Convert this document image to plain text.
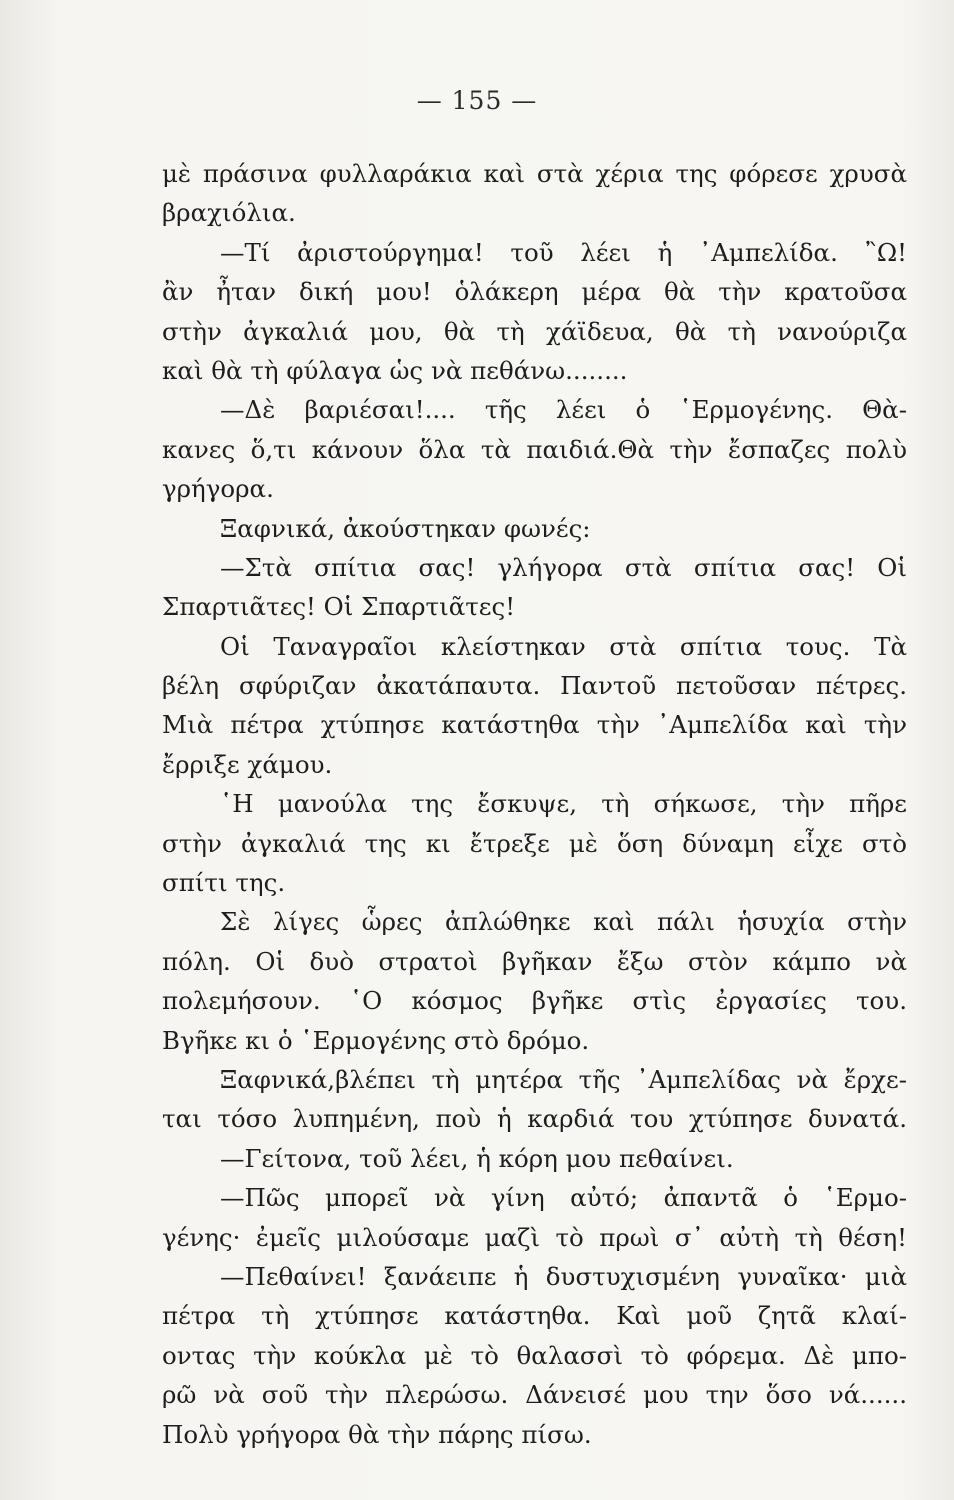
— 155 —
μὲ πράσινα φυλλαράκια καὶ στὰ χέρια της φόρεσε χρυσὰ
βραχιόλια.
—Τί ἀριστούργημα! τοῦ λέει ἡ ᾿Αμπελίδα. ῍Ω!
ἂν ἦταν δική μου! ὁλάκερη μέρα θὰ τὴν κρατοῦσα
στὴν ἀγκαλιά μου, θὰ τὴ χάϊδευα, θὰ τὴ νανούριζα
καὶ θὰ τὴ φύλαγα ὡς νὰ πεθάνω........
—Δὲ βαριέσαι!.... τῆς λέει ὁ ῾Ερμογένης. Θὰ-
κανες ὅ,τι κάνουν ὅλα τὰ παιδιά.Θὰ τὴν ἔσπαζες πολὺ
γρήγορα.
Ξαφνικά, ἀκούστηκαν φωνές:
—Στὰ σπίτια σας! γλήγορα στὰ σπίτια σας! Οἱ
Σπαρτιᾶτες! Οἱ Σπαρτιᾶτες!
Οἱ Ταναγραῖοι κλείστηκαν στὰ σπίτια τους. Τὰ
βέλη σφύριζαν ἀκατάπαυτα. Παντοῦ πετοῦσαν πέτρες.
Μιὰ πέτρα χτύπησε κατάστηθα τὴν ᾿Αμπελίδα καὶ τὴν
ἔρριξε χάμου.
῾Η μανούλα της ἔσκυψε, τὴ σήκωσε, τὴν πῆρε
στὴν ἀγκαλιά της κι ἔτρεξε μὲ ὅση δύναμη εἶχε στὸ
σπίτι της.
Σὲ λίγες ὧρες ἀπλώθηκε καὶ πάλι ἡσυχία στὴν
πόλη. Οἱ δυὸ στρατοὶ βγῆκαν ἔξω στὸν κάμπο νὰ
πολεμήσουν. ῾Ο κόσμος βγῆκε στὶς ἐργασίες του.
Βγῆκε κι ὁ ῾Ερμογένης στὸ δρόμο.
Ξαφνικά,βλέπει τὴ μητέρα τῆς ᾿Αμπελίδας νὰ ἔρχε-
ται τόσο λυπημένη, ποὺ ἡ καρδιά του χτύπησε δυνατά.
—Γείτονα, τοῦ λέει, ἡ κόρη μου πεθαίνει.
—Πῶς μπορεῖ νὰ γίνη αὐτό; ἀπαντᾶ ὁ ῾Ερμο-
γένης· ἐμεῖς μιλούσαμε μαζὶ τὸ πρωὶ σ᾿ αὐτὴ τὴ θέση!
—Πεθαίνει! ξανάειπε ἡ δυστυχισμένη γυναῖκα· μιὰ
πέτρα τὴ χτύπησε κατάστηθα. Καὶ μοῦ ζητᾶ κλαί-
οντας τὴν κούκλα μὲ τὸ θαλασσὶ τὸ φόρεμα. Δὲ μπο-
ρῶ νὰ σοῦ τὴν πλερώσω. Δάνεισέ μου την ὅσο νά......
Πολὺ γρήγορα θὰ τὴν πάρης πίσω.
